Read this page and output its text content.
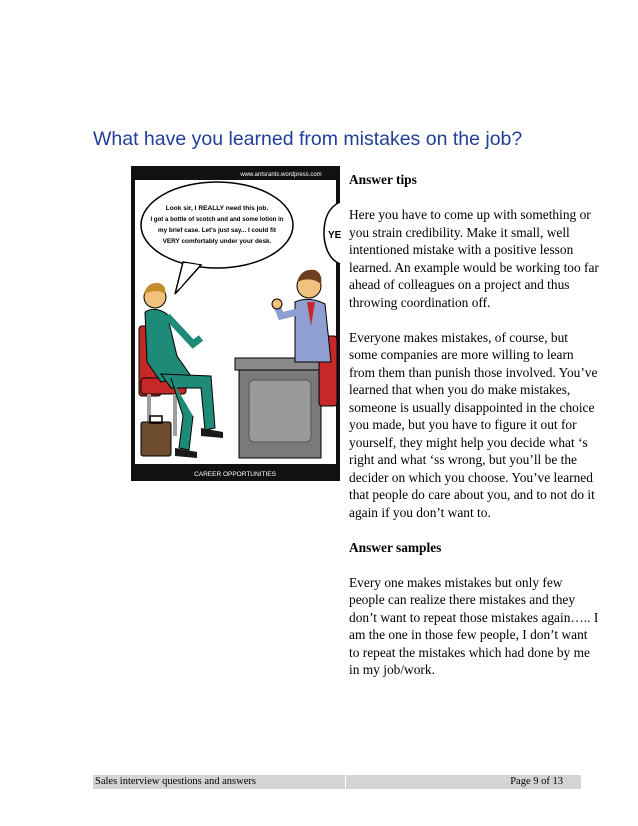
What have you learned from mistakes on the job?
www.antsrants.wordpress.com
Look sir, I REALLY need this job.
I got a bottle of scotch and and some lotion in
my brief case. Let's just say... I could fit
VERY comfortably under your desk.
YE
CAREER OPPORTUNITIES
Answer tips

Here you have to come up with something or you strain credibility. Make it small, well intentioned mistake with a positive lesson learned. An example would be working too far ahead of colleagues on a project and thus throwing coordination off.

Everyone makes mistakes, of course, but some companies are more willing to learn from them than punish those involved. You’ve learned that when you do make mistakes, someone is usually disappointed in the choice you made, but you have to figure it out for yourself, they might help you decide what ‘s right and what ‘ss wrong, but you’ll be the decider on which you choose. You’ve learned that people do care about you, and to not do it again if you don’t want to.

Answer samples

Every one makes mistakes but only few people can realize there mistakes and they don’t want to repeat those mistakes again….. I am the one in those few people, I don’t want to repeat the mistakes which had done by me in my job/work.

Sales interview questions and answers	Page 9 of 13
